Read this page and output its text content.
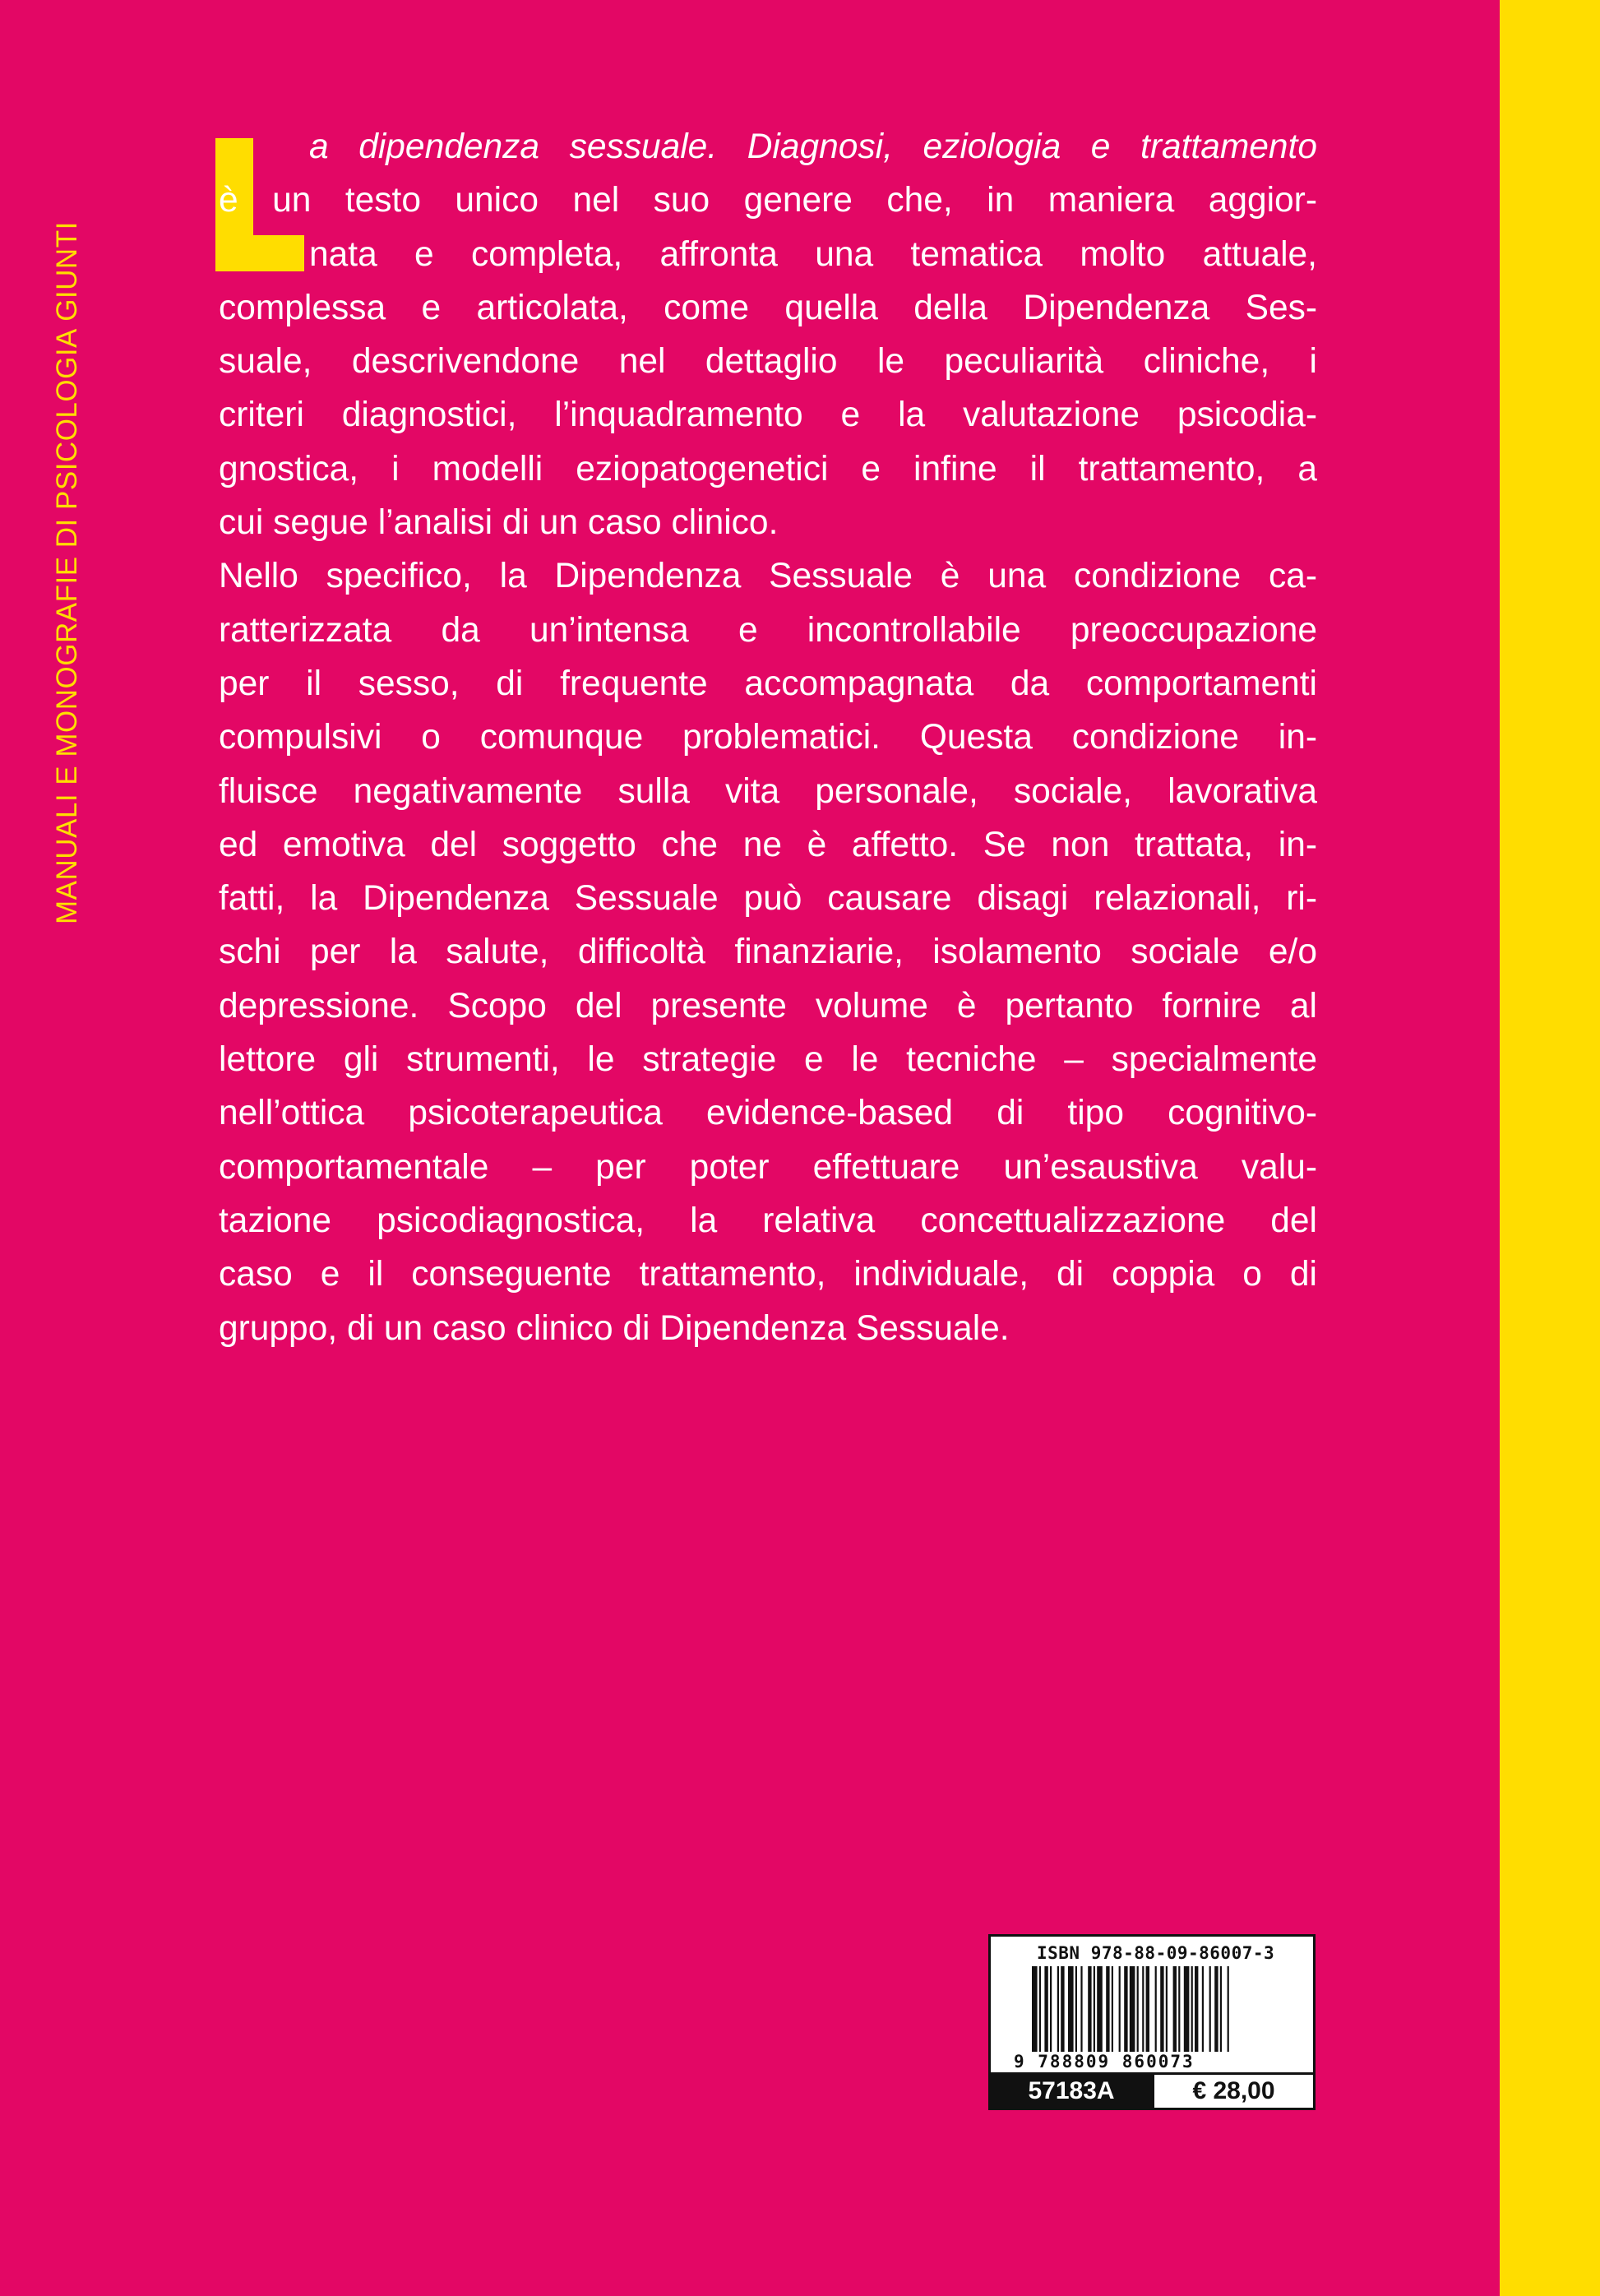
MANUALI E MONOGRAFIE DI PSICOLOGIA GIUNTI
a dipendenza sessuale. Diagnosi, eziologia e trattamento
è un testo unico nel suo genere che, in maniera aggior-
nata e completa, affronta una tematica molto attuale,
complessa e articolata, come quella della Dipendenza Ses-
suale, descrivendone nel dettaglio le peculiarità cliniche, i
criteri diagnostici, l’inquadramento e la valutazione psicodia-
gnostica, i modelli eziopatogenetici e infine il trattamento, a
cui segue l’analisi di un caso clinico.
Nello specifico, la Dipendenza Sessuale è una condizione ca-
ratterizzata da un’intensa e incontrollabile preoccupazione
per il sesso, di frequente accompagnata da comportamenti
compulsivi o comunque problematici. Questa condizione in-
fluisce negativamente sulla vita personale, sociale, lavorativa
ed emotiva del soggetto che ne è affetto. Se non trattata, in-
fatti, la Dipendenza Sessuale può causare disagi relazionali, ri-
schi per la salute, difficoltà finanziarie, isolamento sociale e/o
depressione. Scopo del presente volume è pertanto fornire al
lettore gli strumenti, le strategie e le tecniche – specialmente
nell’ottica psicoterapeutica evidence-based di tipo cognitivo-
comportamentale – per poter effettuare un’esaustiva valu-
tazione psicodiagnostica, la relativa concettualizzazione del
caso e il conseguente trattamento, individuale, di coppia o di
gruppo, di un caso clinico di Dipendenza Sessuale.
ISBN 978-88-09-86007-3
9 788809 860073
57183A	€ 28,00
